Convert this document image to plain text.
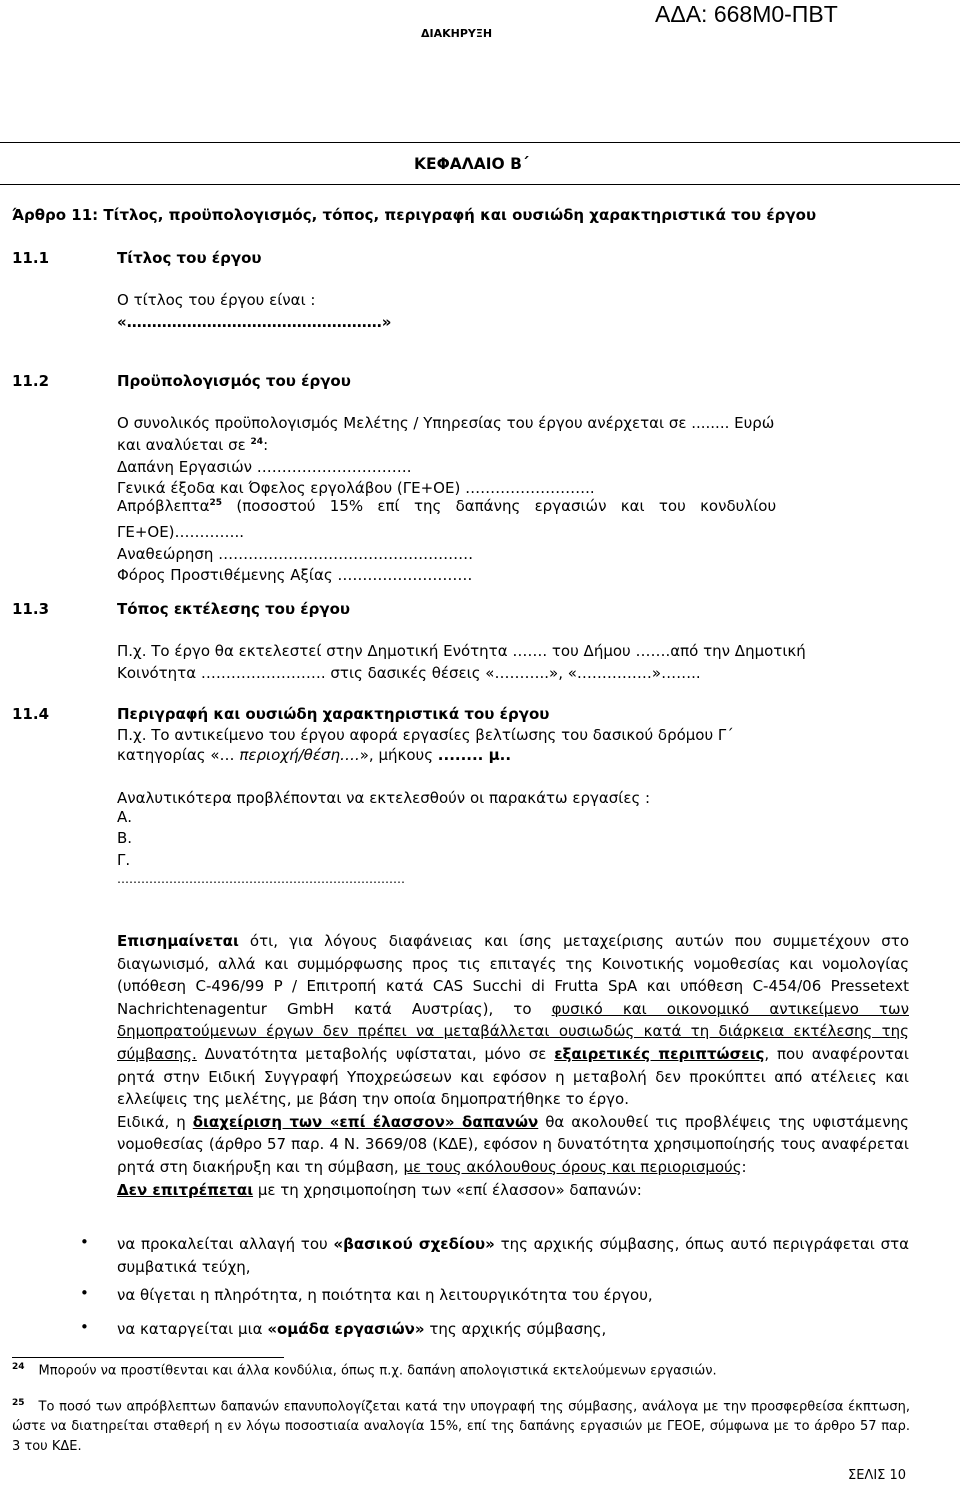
ΔΙΑΚΗΡΥΞΗ
ΑΔΑ: 668Μ0-ΠΒΤ
ΚΕΦΑΛΑΙΟ Β΄
Άρθρο 11: Τίτλος, προϋπολογισμός, τόπος, περιγραφή και ουσιώδη χαρακτηριστικά του έργου
11.1	Τίτλος του έργου
Ο τίτλος του έργου είναι :
«……………………………………………»
11.2	Προϋπολογισμός του έργου
Ο συνολικός προϋπολογισμός Μελέτης / Υπηρεσίας του έργου ανέρχεται σε ........ Ευρώ
και αναλύεται σε $^{24}$:
Δαπάνη Εργασιών ………………………….
Γενικά έξοδα και Όφελος εργολάβου (ΓΕ+ΟΕ) ……………………..
Απρόβλεπτα$^{25}$   (ποσοστού   15%   επί   της   δαπάνης   εργασιών   και   του   κονδυλίου
ΓΕ+ΟΕ)…………..
Αναθεώρηση ……………………………………………
Φόρος Προστιθέμενης Αξίας ………………………
11.3	Τόπος εκτέλεσης του έργου
Π.χ. Το έργο θα εκτελεστεί στην Δημοτική Ενότητα ……. του Δήμου …….από την Δημοτική
Κοινότητα ……………………. στις δασικές θέσεις «………..», «……………»……..
11.4	Περιγραφή και ουσιώδη χαρακτηριστικά του έργου
Π.χ. Το αντικείμενο του έργου αφορά εργασίες βελτίωσης του δασικού δρόμου Γ΄
κατηγορίας «… περιοχή/θέση….», μήκους ........ μ..
Αναλυτικότερα προβλέπονται να εκτελεσθούν οι παρακάτω εργασίες :
Α.
Β.
Γ.
………………………………………………………………

Επισημαίνεται ότι, για λόγους διαφάνειας και ίσης μεταχείρισης αυτών που συμμετέχουν στο διαγωνισμό, αλλά και συμμόρφωσης προς τις επιταγές της Κοινοτικής νομοθεσίας και νομολογίας (υπόθεση C-496/99 P / Επιτροπή κατά CAS Succhi di Frutta SpA και υπόθεση C-454/06 Pressetext Nachrichtenagentur GmbH κατά Αυστρίας), το φυσικό και οικονομικό αντικείμενο των δημοπρατούμενων έργων δεν πρέπει να μεταβάλλεται ουσιωδώς κατά τη διάρκεια εκτέλεσης της σύμβασης. Δυνατότητα μεταβολής υφίσταται, μόνο σε εξαιρετικές περιπτώσεις, που αναφέρονται ρητά στην Ειδική Συγγραφή Υποχρεώσεων και εφόσον η μεταβολή δεν προκύπτει από ατέλειες και ελλείψεις της μελέτης, με βάση την οποία δημοπρατήθηκε το έργο.

Ειδικά, η διαχείριση των «επί έλασσον» δαπανών θα ακολουθεί τις προβλέψεις της υφιστάμενης νομοθεσίας (άρθρο 57 παρ. 4 Ν. 3669/08 (ΚΔΕ), εφόσον η δυνατότητα χρησιμοποίησής τους αναφέρεται ρητά στη διακήρυξη και τη σύμβαση, με τους ακόλουθους όρους και περιορισμούς:

Δεν επιτρέπεται με τη χρησιμοποίηση των «επί έλασσον» δαπανών:

• να προκαλείται αλλαγή του «βασικού σχεδίου» της αρχικής σύμβασης, όπως αυτό περιγράφεται στα συμβατικά τεύχη,

• να θίγεται η πληρότητα, η ποιότητα και η λειτουργικότητα του έργου,

• να καταργείται μια «ομάδα εργασιών» της αρχικής σύμβασης,

$^{24}$ Μπορούν να προστίθενται και άλλα κονδύλια, όπως π.χ. δαπάνη απολογιστικά εκτελούμενων εργασιών.
$^{25}$ Το ποσό των απρόβλεπτων δαπανών επανυπολογίζεται κατά την υπογραφή της σύμβασης, ανάλογα με την προσφερθείσα έκπτωση, ώστε να διατηρείται σταθερή η εν λόγω ποσοστιαία αναλογία 15%, επί της δαπάνης εργασιών με ΓΕΟΕ, σύμφωνα με το άρθρο 57 παρ. 3 του ΚΔΕ.
ΣΕΛΙΣ 10
